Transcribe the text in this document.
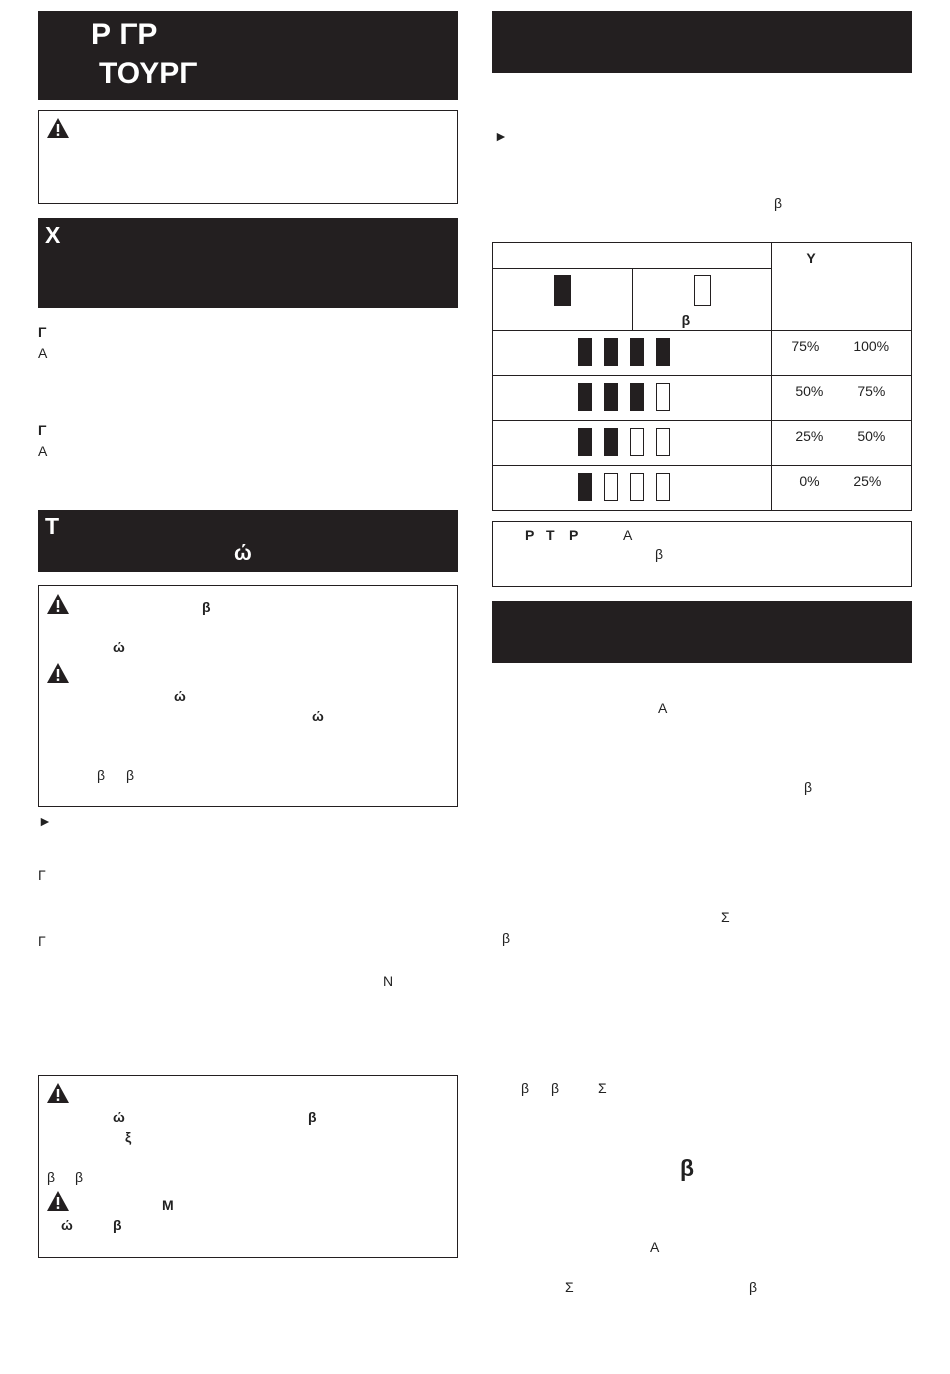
Ρ ΓΡ
ΤΟΥΡΓ
Χ
Γ
Α
Γ
Α
Τ
ώ
β
ώ
ώ
ώ
β β
►
Γ
Γ
N
ώ	β
ξ
β β
Μ
ώ	β
►
β

		Υ

	β	

		75% 100%

		50% 75%

		25% 50%

		0% 25%
Ρ Τ Ρ	Α
β
Α
β
Σ
β
β β	Σ
β
Α
Σ	β
